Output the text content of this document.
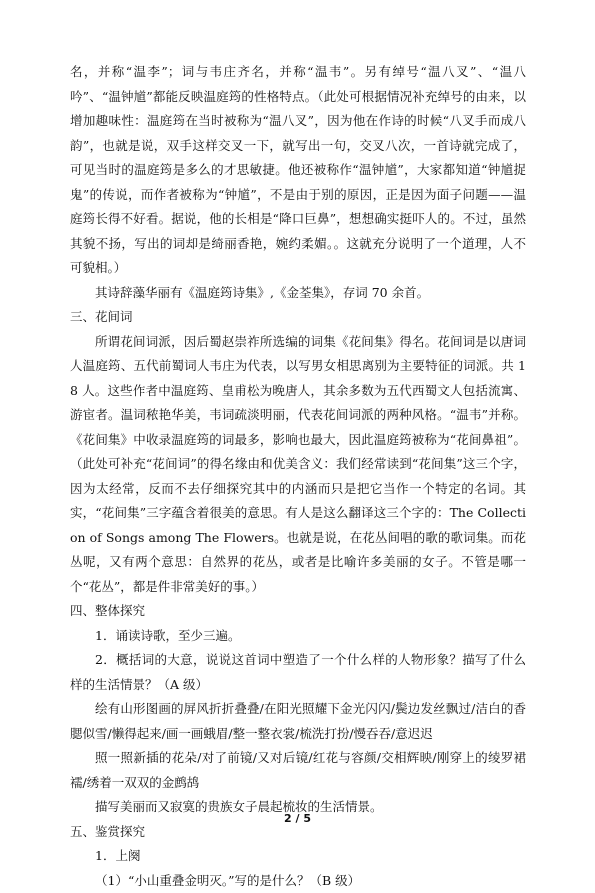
名，并称“温李”；词与韦庄齐名，并称“温韦”。另有绰号“温八叉”、“温八吟”、“温钟馗”都能反映温庭筠的性格特点。（此处可根据情况补充绰号的由来，以增加趣味性：温庭筠在当时被称为“温八叉”，因为他在作诗的时候“八叉手而成八韵”，也就是说，双手这样交叉一下，就写出一句，交叉八次，一首诗就完成了，可见当时的温庭筠是多么的才思敏捷。他还被称作“温钟馗”，大家都知道“钟馗捉鬼”的传说，而作者被称为“钟馗”，不是由于别的原因，正是因为面子问题——温庭筠长得不好看。据说，他的长相是“降口巨鼻”，想想确实挺吓人的。不过，虽然其貌不扬，写出的词却是绮丽香艳，婉约柔媚。。这就充分说明了一个道理，人不可貌相。）

其诗辞藻华丽有《温庭筠诗集》,《金荃集》，存词 70 余首。

三、花间词

所谓花间词派，因后蜀赵崇祚所选编的词集《花间集》得名。花间词是以唐词人温庭筠、五代前蜀词人韦庄为代表，以写男女相思离别为主要特征的词派。共 18 人。这些作者中温庭筠、皇甫松为晚唐人，其余多数为五代西蜀文人包括流寓、游宦者。温词秾艳华美，韦词疏淡明丽，代表花间词派的两种风格。“温韦”并称。《花间集》中收录温庭筠的词最多，影响也最大，因此温庭筠被称为“花间鼻祖”。（此处可补充“花间词”的得名缘由和优美含义：我们经常读到“花间集”这三个字，因为太经常，反而不去仔细探究其中的内涵而只是把它当作一个特定的名词。其实，“花间集”三字蕴含着很美的意思。有人是这么翻译这三个字的：The Collection of Songs among The Flowers。也就是说，在花丛间唱的歌的歌词集。而花丛呢，又有两个意思：自然界的花丛，或者是比喻许多美丽的女子。不管是哪一个“花丛”，都是件非常美好的事。）

四、整体探究

1．诵读诗歌，至少三遍。

2．概括词的大意，说说这首词中塑造了一个什么样的人物形象？描写了什么样的生活情景？（A 级）

绘有山形图画的屏风折折叠叠/在阳光照耀下金光闪闪/鬓边发丝飘过/洁白的香腮似雪/懒得起来/画一画蛾眉/整一整衣裳/梳洗打扮/慢吞吞/意迟迟

照一照新插的花朵/对了前镜/又对后镜/红花与容颜/交相辉映/刚穿上的绫罗裙襦/绣着一双双的金鹧鸪

描写美丽而又寂寞的贵族女子晨起梳妆的生活情景。

五、鉴赏探究

1．上阕

（1）“小山重叠金明灭。”写的是什么？（B 级）

2 / 5
